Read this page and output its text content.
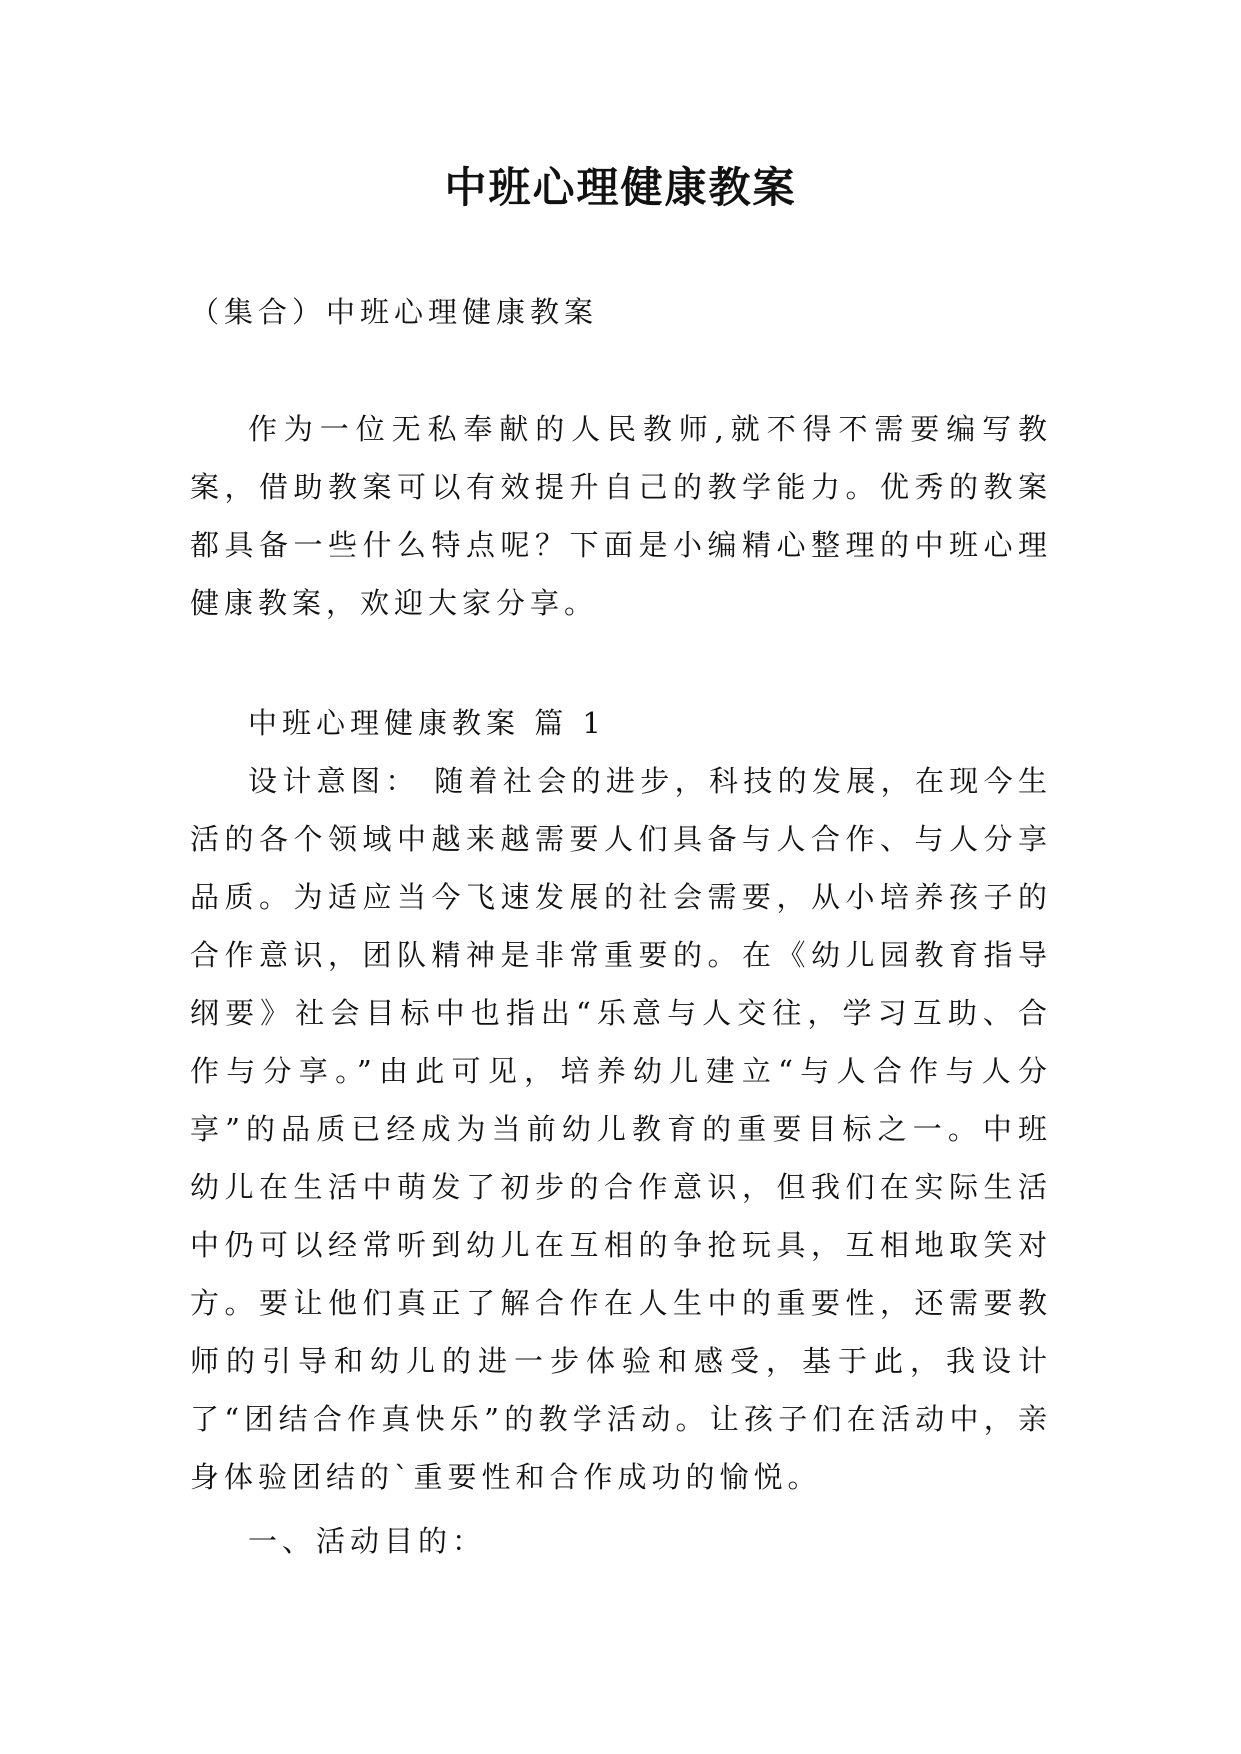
中班心理健康教案

（集合）中班心理健康教案

作为一位无私奉献的人民教师,就不得不需要编写教案，借助教案可以有效提升自己的教学能力。优秀的教案都具备一些什么特点呢？下面是小编精心整理的中班心理健康教案，欢迎大家分享。

中班心理健康教案 篇 1

设计意图： 随着社会的进步，科技的发展，在现今生活的各个领域中越来越需要人们具备与人合作、与人分享品质。为适应当今飞速发展的社会需要，从小培养孩子的合作意识，团队精神是非常重要的。在《幼儿园教育指导纲要》社会目标中也指出“乐意与人交往，学习互助、合作与分享。”由此可见，培养幼儿建立“与人合作与人分享”的品质已经成为当前幼儿教育的重要目标之一。中班幼儿在生活中萌发了初步的合作意识，但我们在实际生活中仍可以经常听到幼儿在互相的争抢玩具，互相地取笑对方。要让他们真正了解合作在人生中的重要性，还需要教师的引导和幼儿的进一步体验和感受，基于此，我设计了“团结合作真快乐”的教学活动。让孩子们在活动中，亲身体验团结的`重要性和合作成功的愉悦。

一、活动目的：
